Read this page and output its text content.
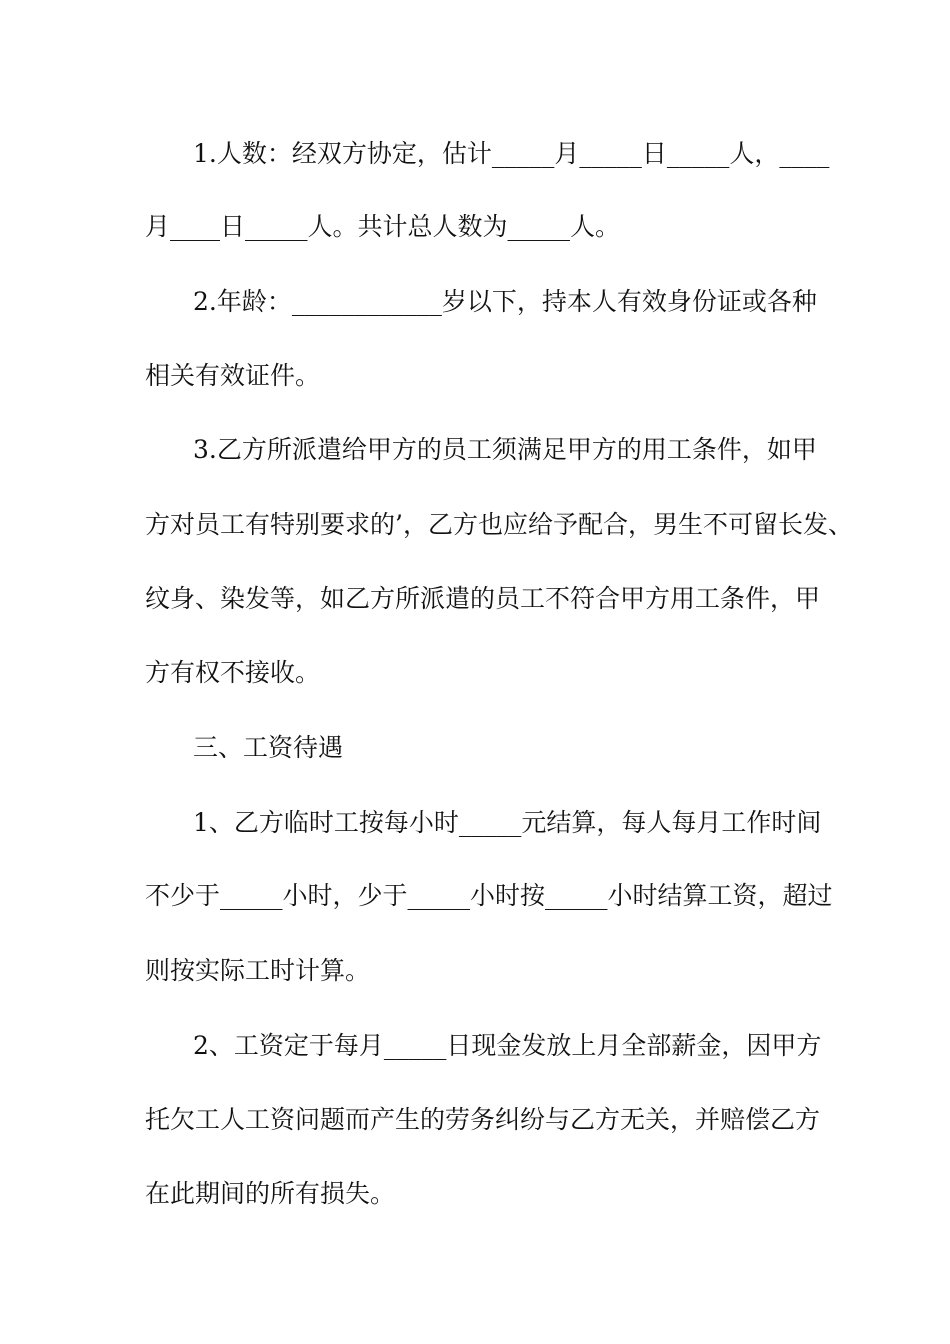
1.人数：经双方协定，估计_____月_____日_____人，____
月____日_____人。共计总人数为_____人。
2.年龄：____________岁以下，持本人有效身份证或各种
相关有效证件。
3.乙方所派遣给甲方的员工须满足甲方的用工条件，如甲
方对员工有特别要求的’，乙方也应给予配合，男生不可留长发、
纹身、染发等，如乙方所派遣的员工不符合甲方用工条件，甲
方有权不接收。
三、工资待遇
1、乙方临时工按每小时_____元结算，每人每月工作时间
不少于_____小时，少于_____小时按_____小时结算工资，超过
则按实际工时计算。
2、工资定于每月_____日现金发放上月全部薪金，因甲方
托欠工人工资问题而产生的劳务纠纷与乙方无关，并赔偿乙方
在此期间的所有损失。
